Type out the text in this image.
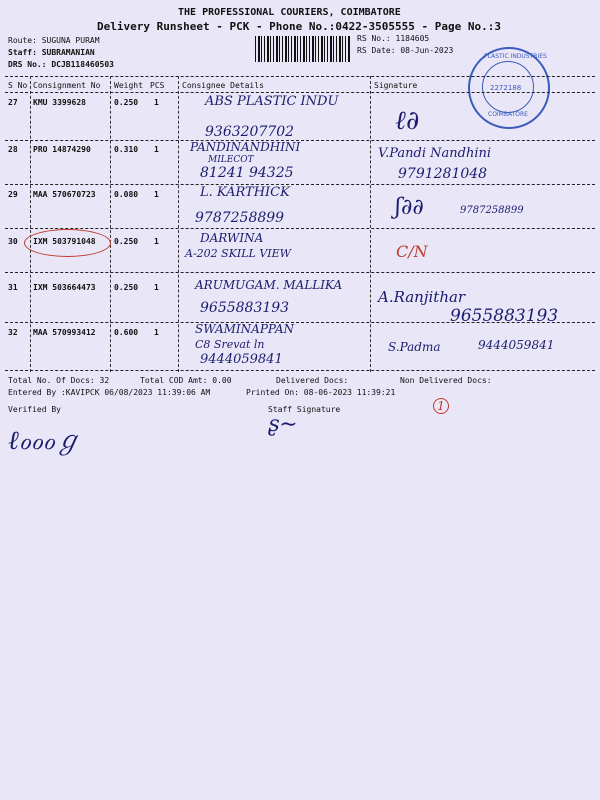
THE PROFESSIONAL COURIERS, COIMBATORE
Delivery Runsheet - PCK - Phone No.:0422-3505555 - Page No.:3
Route: SUGUNA PURAM
Staff: SUBRAMANIAN
DRS No.: DCJB118460503
RS No.: 1184605
RS Date: 08-Jun-2023
PLASTIC INDUSTRIES
2272188
COIMBATORE
S No Consignment No Weight PCS Consignee Details	Signature
27 KMU 3399628	0.250 1	ABS PLASTIC INDU
9363207702	ℓ∂
28 PRO 14874290	0.310 1	PANDINANDHINI
MILECOT
81241 94325
V.Pandi Nandhini
9791281048
29 MAA 570670723 0.080 1	L. KARTHICK
9787258899	ʃ∂∂	9787258899
30 IXM 503791048 0.250 1	DARWINA
A-202 SKILL VIEW	C/N
31 IXM 503664473 0.250 1	ARUMUGAM. MALLIKA
9655883193
A.Ranjithar
9655883193
32 MAA 570993412 0.600 1	SWAMINAPPAN
C8 Srevat ln
9444059841
S.Padma	9444059841
Total No. Of Docs: 32	Total COD Amt: 0.00	Delivered Docs:	Non Delivered Docs:
Entered By :KAVIPCK 06/08/2023 11:39:06 AM	Printed On: 08-06-2023 11:39:21
Verified By	Staff Signature	1
ℓℴℴℴℊ
ʂ∼
